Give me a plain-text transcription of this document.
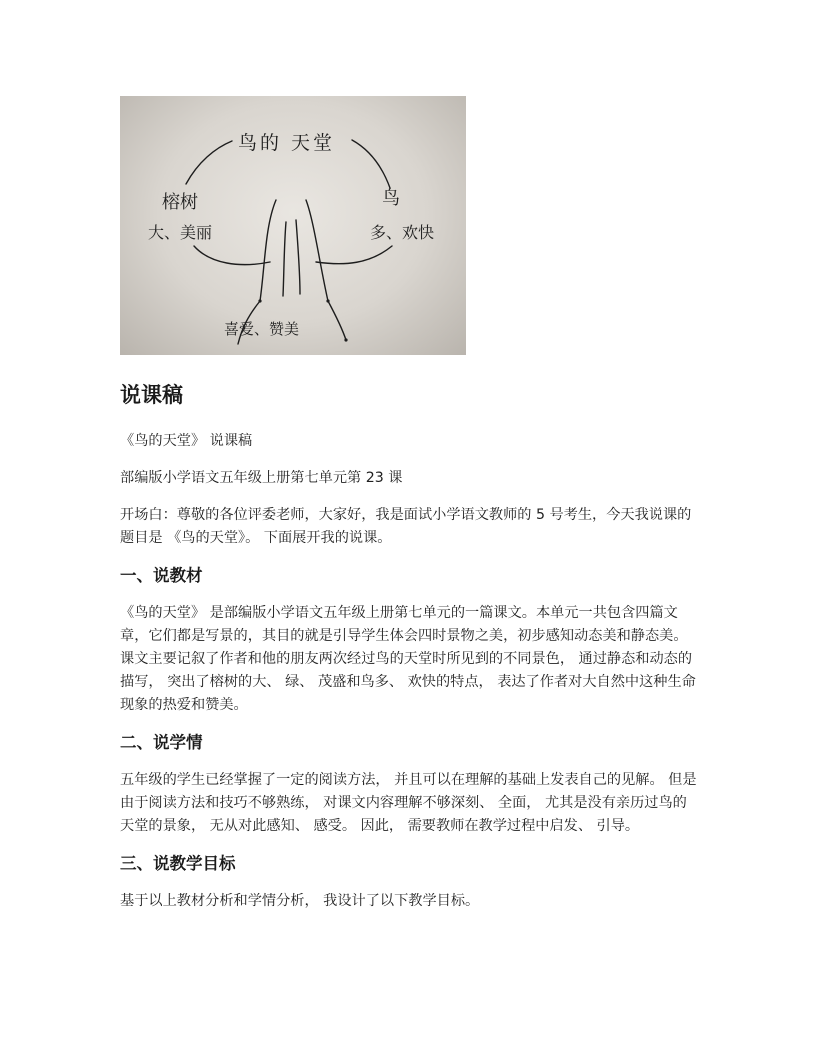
鸟的 天堂
榕树
大、美丽
鸟
多、欢快
喜爱、赞美
说课稿

《鸟的天堂》 说课稿

部编版小学语文五年级上册第七单元第 23 课

开场白：尊敬的各位评委老师，大家好，我是面试小学语文教师的 5 号考生，今天我说课的题目是 《鸟的天堂》。 下面展开我的说课。

一、说教材

《鸟的天堂》 是部编版小学语文五年级上册第七单元的一篇课文。本单元一共包含四篇文章，它们都是写景的，其目的就是引导学生体会四时景物之美，初步感知动态美和静态美。课文主要记叙了作者和他的朋友两次经过鸟的天堂时所见到的不同景色， 通过静态和动态的描写， 突出了榕树的大、 绿、 茂盛和鸟多、 欢快的特点， 表达了作者对大自然中这种生命现象的热爱和赞美。

二、说学情

五年级的学生已经掌握了一定的阅读方法， 并且可以在理解的基础上发表自己的见解。 但是由于阅读方法和技巧不够熟练， 对课文内容理解不够深刻、 全面， 尤其是没有亲历过鸟的天堂的景象， 无从对此感知、 感受。 因此， 需要教师在教学过程中启发、 引导。

三、说教学目标

基于以上教材分析和学情分析， 我设计了以下教学目标。
